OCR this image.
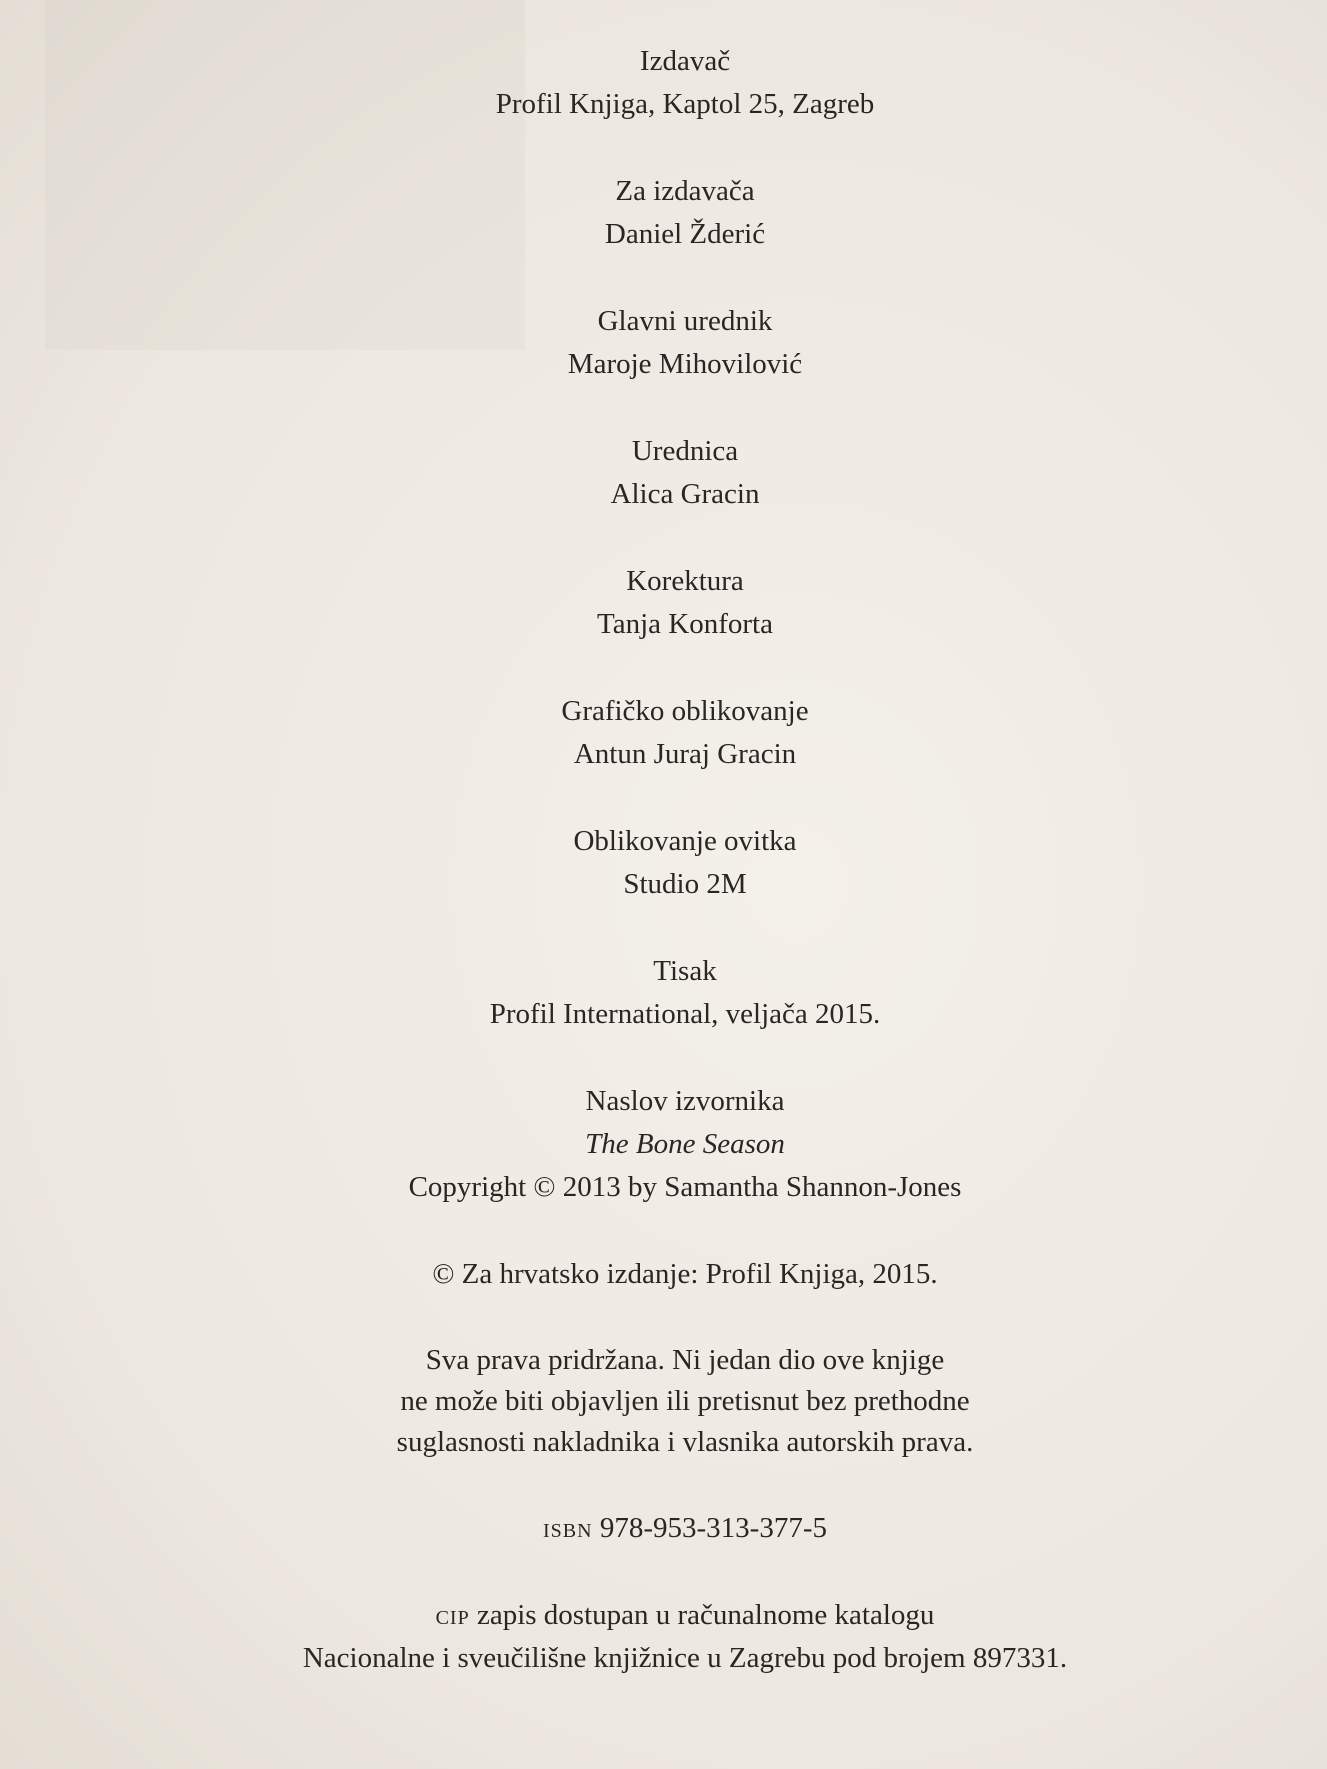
Izdavač

Profil Knjiga, Kaptol 25, Zagreb

Za izdavača

Daniel Žderić

Glavni urednik

Maroje Mihovilović

Urednica

Alica Gracin

Korektura

Tanja Konforta

Grafičko oblikovanje

Antun Juraj Gracin

Oblikovanje ovitka

Studio 2M

Tisak

Profil International, veljača 2015.

Naslov izvornika

The Bone Season

Copyright © 2013 by Samantha Shannon-Jones

© Za hrvatsko izdanje: Profil Knjiga, 2015.

Sva prava pridržana. Ni jedan dio ove knjige

ne može biti objavljen ili pretisnut bez prethodne

suglasnosti nakladnika i vlasnika autorskih prava.

isbn 978-953-313-377-5

cip zapis dostupan u računalnome katalogu

Nacionalne i sveučilišne knjižnice u Zagrebu pod brojem 897331.
